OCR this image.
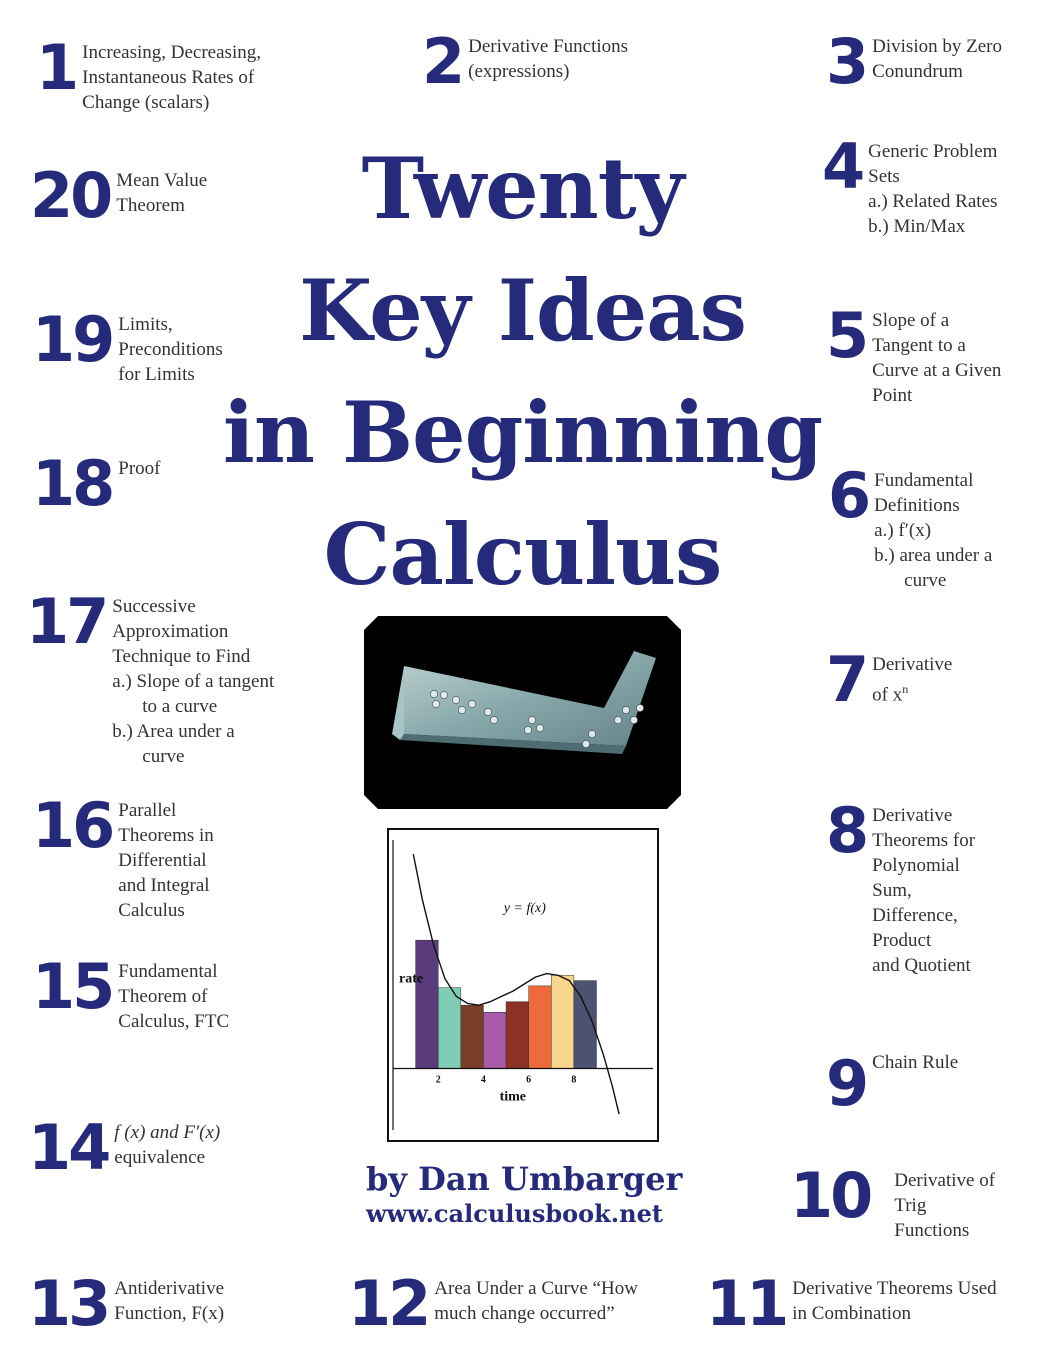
Twenty
Key Ideas
in Beginning
Calculus
1 Increasing, Decreasing,
Instantaneous Rates of
Change (scalars)
2 Derivative Functions
(expressions)	3 Division by Zero
Conundrum
20 Mean Value
Theorem
4 Generic Problem
Sets
a.) Related Rates
b.) Min/Max
19 Limits,
Preconditions
for Limits
5 Slope of a
Tangent to a
Curve at a Given
Point
18 Proof	6 Fundamental
Definitions
a.) f′(x)
b.) area under a
curve
17 Successive
Approximation
Technique to Find
a.) Slope of a tangent
to a curve
b.) Area under a
curve
7 Derivative
of $x^n$
16 Parallel
Theorems in
Differential
and Integral
Calculus
8 Derivative
Theorems for
Polynomial
Sum,
Difference,
Product
and Quotient
15 Fundamental
Theorem of
Calculus, FTC
9 Chain Rule
14 f (x) and F′(x)
equivalence
10 Derivative of
Trig
Functions
13 Antiderivative
Function, F(x) 12 Area Under a Curve “How
much change occurred”	11 Derivative Theorems Used
in Combination
2	4	6	8
time
rate
y = f(x)
by Dan Umbarger
www.calculusbook.net
